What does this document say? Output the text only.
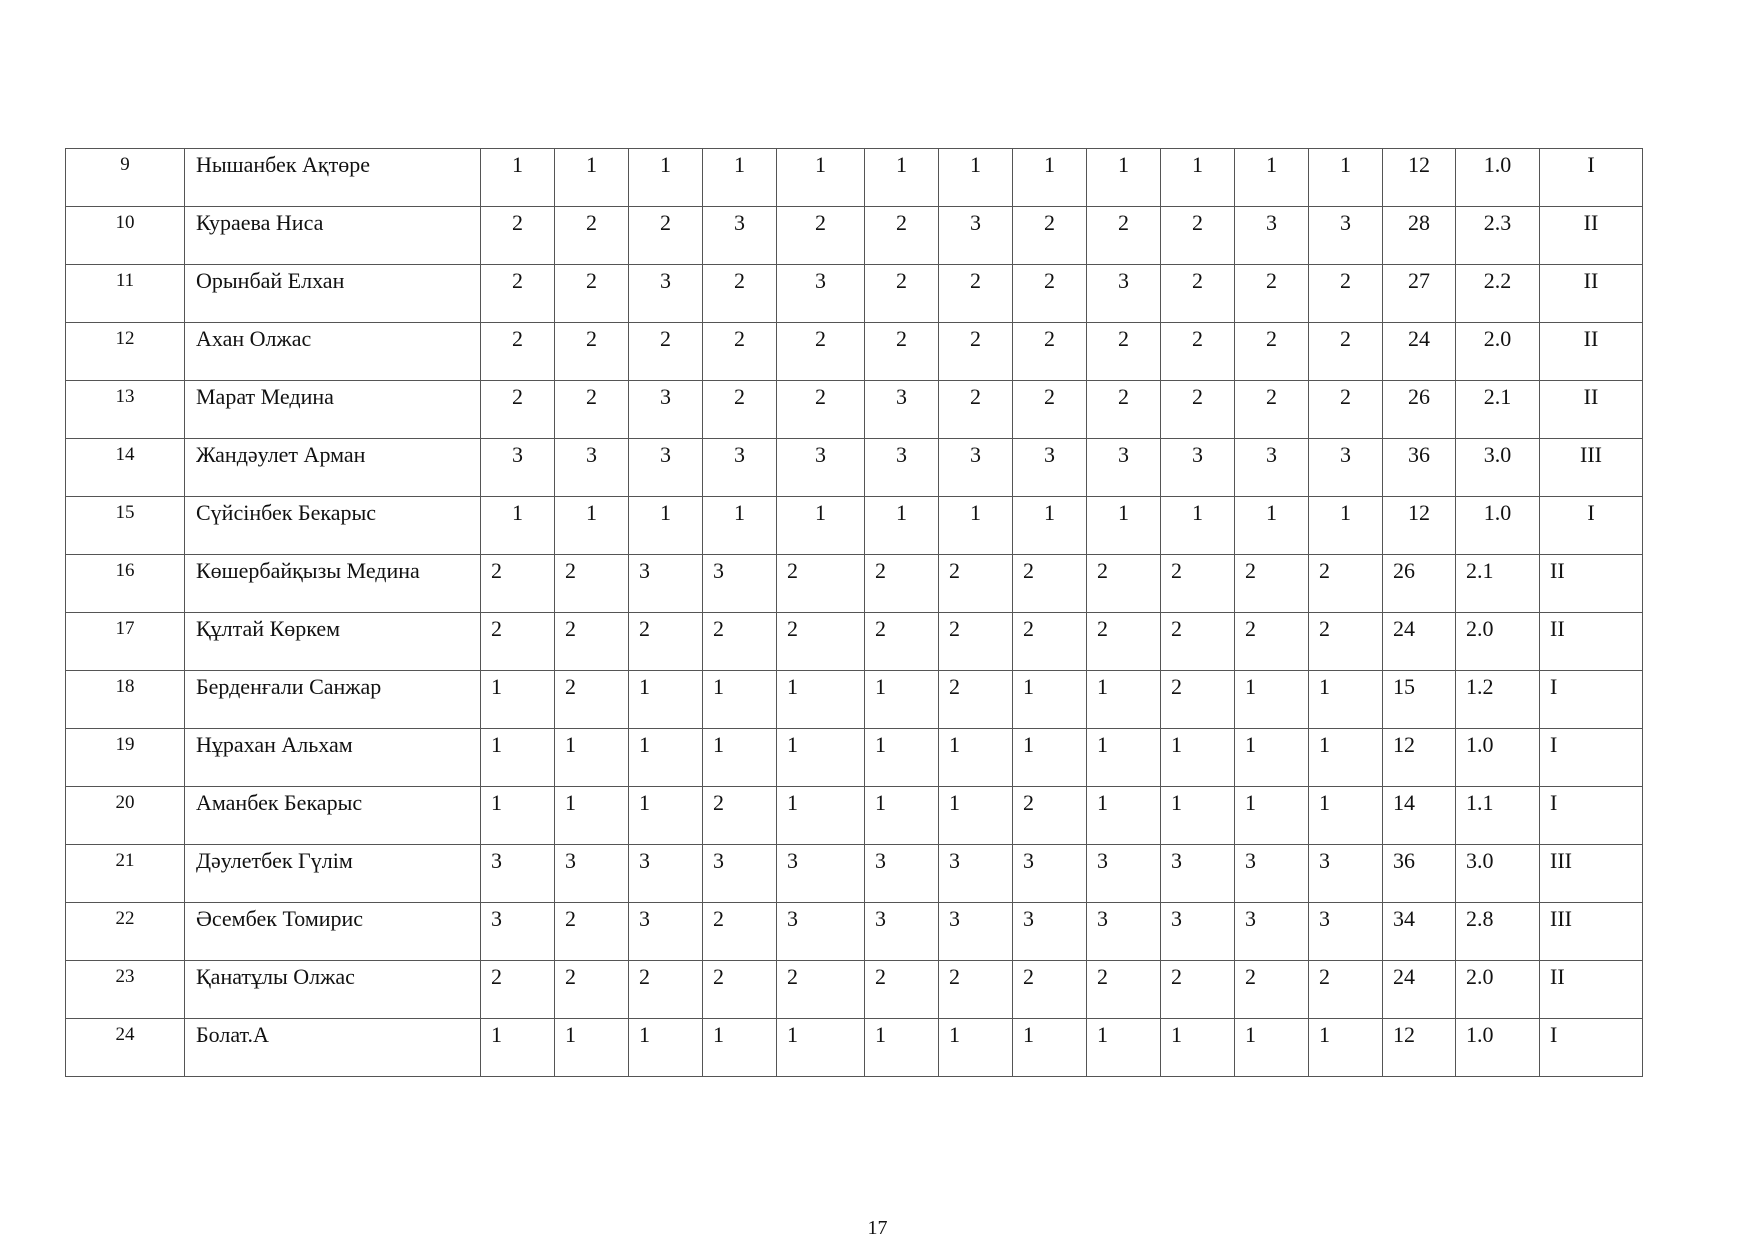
9	Нышанбек Ақтөре	1	1	1	1	1	1	1	1	1	1	1	1	12	1.0	I
10	Кураева Ниса	2	2	2	3	2	2	3	2	2	2	3	3	28	2.3	II
11	Орынбай Елхан	2	2	3	2	3	2	2	2	3	2	2	2	27	2.2	II
12	Ахан Олжас	2	2	2	2	2	2	2	2	2	2	2	2	24	2.0	II
13	Марат Медина	2	2	3	2	2	3	2	2	2	2	2	2	26	2.1	II
14	Жандәулет Арман	3	3	3	3	3	3	3	3	3	3	3	3	36	3.0	III
15	Сүйсінбек Бекарыс	1	1	1	1	1	1	1	1	1	1	1	1	12	1.0	I
16	Көшербайқызы Медина	2	2	3	3	2	2	2	2	2	2	2	2	26	2.1	II
17	Құлтай Көркем	2	2	2	2	2	2	2	2	2	2	2	2	24	2.0	II
18	Берденғали Санжар	1	2	1	1	1	1	2	1	1	2	1	1	15	1.2	I
19	Нұрахан Альхам	1	1	1	1	1	1	1	1	1	1	1	1	12	1.0	I
20	Аманбек Бекарыс	1	1	1	2	1	1	1	2	1	1	1	1	14	1.1	I
21	Дәулетбек Гүлім	3	3	3	3	3	3	3	3	3	3	3	3	36	3.0	III
22	Әсембек Томирис	3	2	3	2	3	3	3	3	3	3	3	3	34	2.8	III
23	Қанатұлы Олжас	2	2	2	2	2	2	2	2	2	2	2	2	24	2.0	II
24	Болат.А	1	1	1	1	1	1	1	1	1	1	1	1	12	1.0	I
17
